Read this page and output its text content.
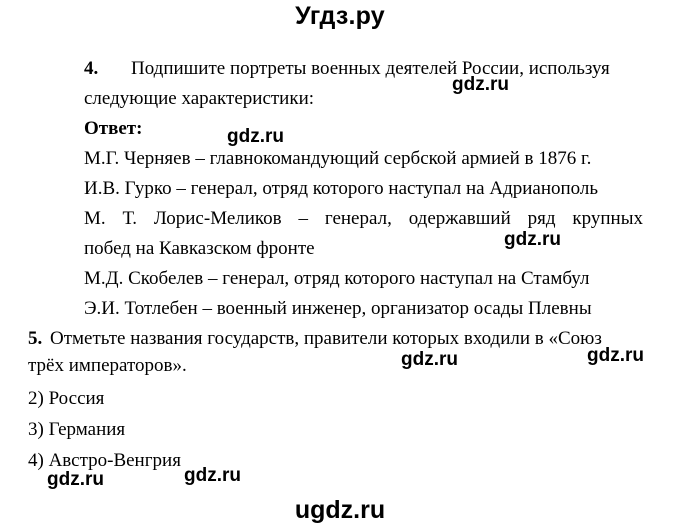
Угдз.ру
4. Подпишите портреты военных деятелей России, используя
следующие характеристики:
Ответ:
М.Г. Черняев – главнокомандующий сербской армией в 1876 г.
И.В. Гурко – генерал, отряд которого наступал на Адрианополь
М. Т. Лорис-Меликов – генерал, одержавший ряд крупных
побед на Кавказском фронте
М.Д. Скобелев – генерал, отряд которого наступал на Стамбул
Э.И. Тотлебен – военный инженер, организатор осады Плевны
5. Отметьте названия государств, правители которых входили в «Союз
трёх императоров».
2) Россия
3) Германия
4) Австро-Венгрия
gdz.ru
gdz.ru
gdz.ru
gdz.ru	gdz.ru
gdz.ru	gdz.ru
ugdz.ru
